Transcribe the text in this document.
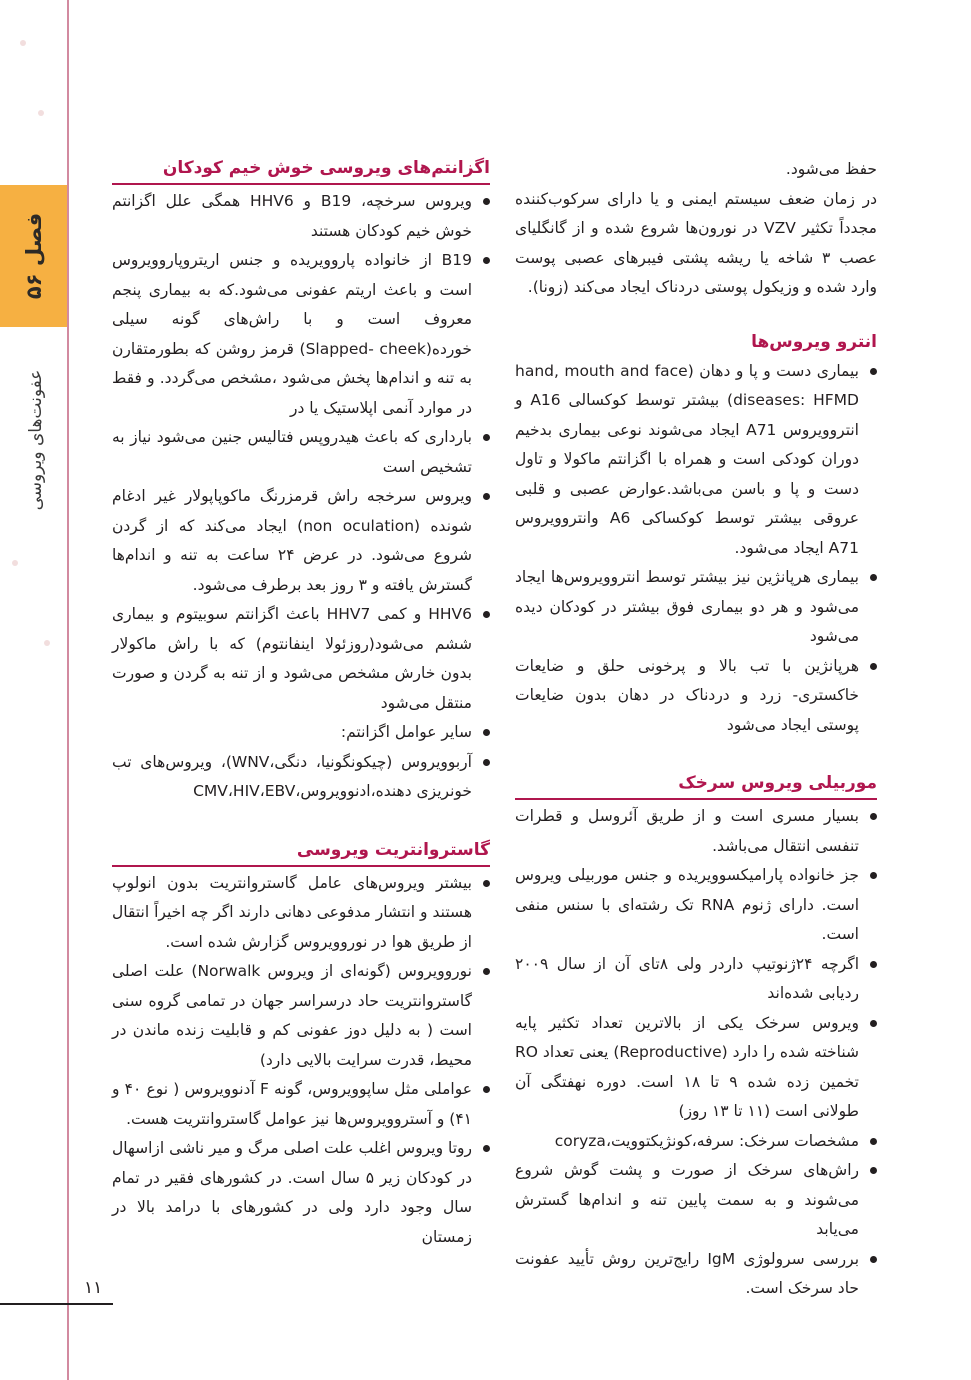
فصل ۵۶
عفونت‌های ویروسی

حفظ می‌شود.

در زمان ضعف سیستم ایمنی و یا دارای سرکوب‌کننده مجدداً تکثیر VZV در نورون‌ها شروع شده و از گانگلیای عصب ۳ شاخه یا ریشه پشتی فیبرهای عصبی پوست وارد شده و وزیکول پوستی دردناک ایجاد می‌کند (زونا).

انترو ویروس‌ها
بیماری دست و پا و دهان (hand, mouth and face diseases: HFMD) بیشتر توسط کوکسالی A16 و انتروویروس A71 ایجاد می‌شوند نوعی بیماری بدخیم دوران کودکی است و همراه با اگزانتم ماکولا و تاول دست و پا و باسن می‌باشد.عوارض عصبی و قلبی عروقی بیشتر توسط کوکساکی A6 وانتروویروس A71 ایجاد می‌شود.
بیماری هرپانژین نیز بیشتر توسط انتروویروس‌ها ایجاد می‌شود و هر دو بیماری فوق بیشتر در کودکان دیده می‌شود
هرپانژین با تب بالا و پرخونی حلق و ضایعات خاکستری- زرد و دردناک در دهان بدون ضایعات پوستی ایجاد می‌شود
موربیلی ویروس سرخک
بسیار مسری است و از طریق آئروسل و قطرات تنفسی انتقال می‌باشد.
جز خانواده پارامیکسوویریده و جنس موربیلی ویروس است. دارای ژنوم RNA تک رشته‌ای با سنس منفی است.
اگرچه ۲۴ژنوتیپ داردر ولی ۸تای آن از سال ۲۰۰۹ ردیابی شده‌اند
ویروس سرخک یکی از بالاترین تعداد تکثیر پایه شناخته شده را دارد (Reproductive) یعنی تعداد RO تخمین زده شده ۹ تا ۱۸ است. دوره نهفتگی آن طولانی است (۱۱ تا ۱۳ روز)
مشخصات سرخک: سرفه،کونژیکتوویت،coryza
راش‌های سرخک از صورت و پشت گوش شروع می‌شوند و به سمت پایین تنه و اندام‌ها گسترش می‌یابد
بررسی سرولوژی IgM رایج‌ترین روش تأیید عفونت حاد سرخک است.
اگزانتم‌های ویروسی خوش خیم کودکان
ویروس سرخچه، B19 و HHV6 همگی علل اگزانتم خوش خیم کودکان هستند
B19 از خانواده پاروویریده و جنس اریتروپاروویروس است و باعث اریتم عفونی می‌شود.که به بیماری پنجم معروف است و با راش‌های گونه سیلی خورده(Slapped- cheek) قرمز روشن که بطورمتقارن به تنه و اندام‌ها پخش می‌شود ،مشخص می‌گردد. و فقط در موارد آنمی اپلاستیک یا در
بارداری که باعث هیدروپس فتالیس جنین می‌شود نیاز به تشخیص است
ویروس سرخجه راش قرمزرنگ ماکوپاپولار غیر ادغام شونده (non oculation) ایجاد می‌کند که از گردن شروع می‌شود. در عرض ۲۴ ساعت به تنه و اندام‌ها گسترش یافته و ۳ روز بعد برطرف می‌شود.
HHV6 و کمی HHV7 باعث اگزانتم سوبیتوم و بیماری ششم می‌شود(روزئولا اینفانتوم) که با راش ماکولار بدون خارش مشخص می‌شود و از تنه به گردن و صورت منتقل می‌شود
سایر عوامل اگزانتم:
آربوویروس (چیکونگونیا، دنگی،WNV)، ویروس‌های تب خونریزی دهنده،ادنوویروس،CMV،HIV،EBV
گاستروانتریت ویروسی
بیشتر ویروس‌های عامل گاستروانتریت بدون انولوپ هستند و انتشار مدفوعی دهانی دارند اگر چه اخیراً انتقال از طریق هوا در نوروویروس گزارش شده است.
نوروویروس (گونه‌ای از ویروس Norwalk) علت اصلی گاستروانتریت حاد درسراسر جهان در تمامی گروه سنی است ( به دلیل دوز عفونی کم و قابلیت زنده ماندن در محیط، قدرت سرایت بالایی دارد)
عواملی مثل ساپوویروس، گونه F آدنوویروس ( نوع ۴۰ و ۴۱) و آستروویروس‌ها نیز عوامل گاستروانتریت هست.
روتا ویروس اغلب علت اصلی مرگ و میر ناشی ازاسهال در کودکان زیر ۵ سال است. در کشورهای فقیر در تمام سال وجود دارد ولی در کشورهای با درامد بالا در زمستان
۱۱
